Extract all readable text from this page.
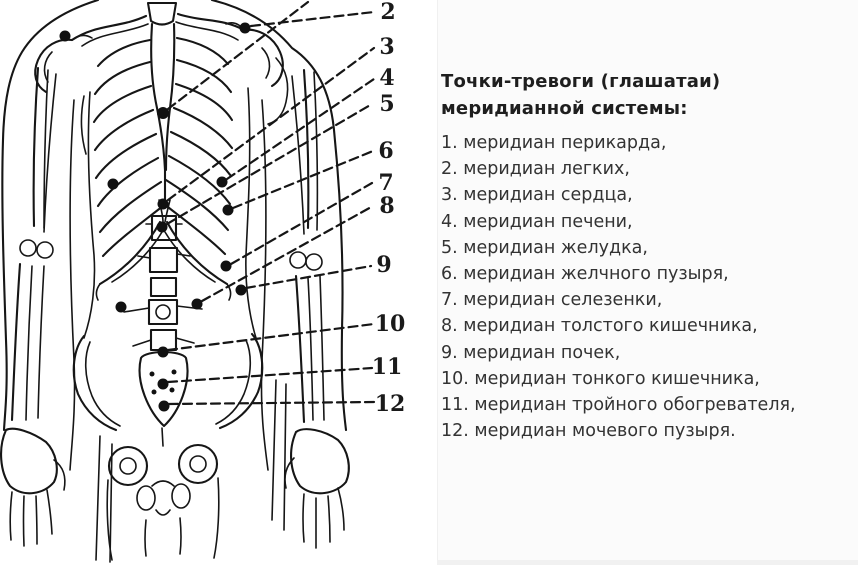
2
3
4
5
6
7
8
9
10
11
12
Точки-тревоги (глашатаи)
меридианной системы:
1. меридиан перикарда,
2. меридиан легких,
3. меридиан сердца,
4. меридиан печени,
5. меридиан желудка,
6. меридиан желчного пузыря,
7. меридиан селезенки,
8. меридиан толстого кишечника,
9. меридиан почек,
10. меридиан тонкого кишечника,
11. меридиан тройного обогревателя,
12. меридиан мочевого пузыря.
